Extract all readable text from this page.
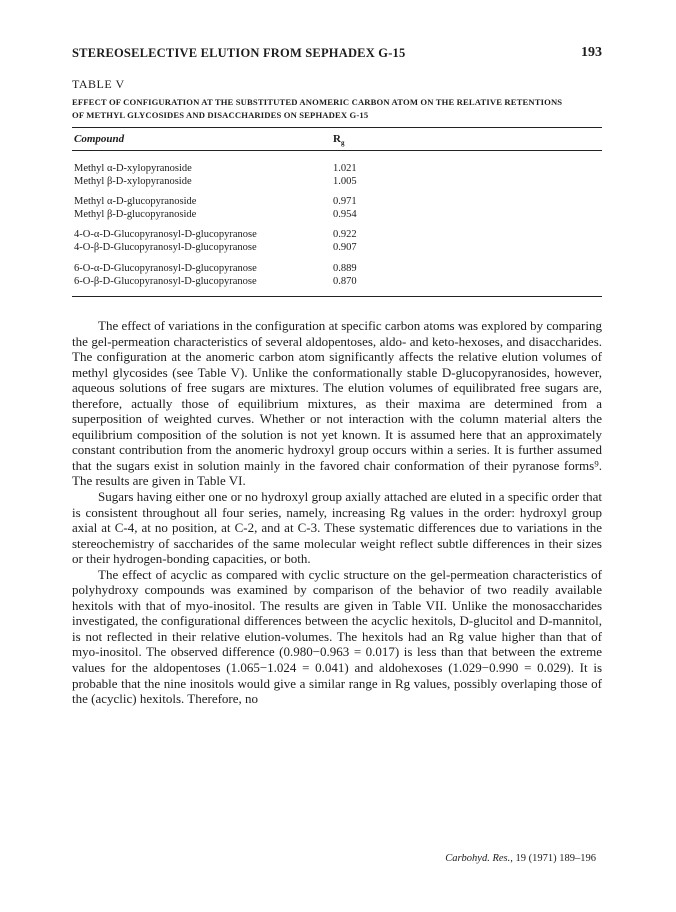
STEREOSELECTIVE ELUTION FROM SEPHADEX G-15	193
TABLE V
EFFECT OF CONFIGURATION AT THE SUBSTITUTED ANOMERIC CARBON ATOM ON THE RELATIVE RETENTIONS
OF METHYL GLYCOSIDES AND DISACCHARIDES ON SEPHADEX G-15
Compound	$R_g$
Methyl α-D-xylopyranoside	1.021
Methyl β-D-xylopyranoside	1.005
Methyl α-D-glucopyranoside	0.971
Methyl β-D-glucopyranoside	0.954
4-O-α-D-Glucopyranosyl-D-glucopyranose	0.922
4-O-β-D-Glucopyranosyl-D-glucopyranose	0.907
6-O-α-D-Glucopyranosyl-D-glucopyranose	0.889
6-O-β-D-Glucopyranosyl-D-glucopyranose	0.870

The effect of variations in the configuration at specific carbon atoms was explored by comparing the gel-permeation characteristics of several aldopentoses, aldo- and keto-hexoses, and disaccharides. The configuration at the anomeric carbon atom significantly affects the relative elution volumes of methyl glycosides (see Table V). Unlike the conformationally stable D-glucopyranosides, however, aqueous solutions of free sugars are mixtures. The elution volumes of equilibrated free sugars are, therefore, actually those of equilibrium mixtures, as their maxima are determined from a superposition of weighted curves. Whether or not interaction with the column material alters the equilibrium composition of the solution is not yet known. It is assumed here that an approximately constant contribution from the anomeric hydroxyl group occurs within a series. It is further assumed that the sugars exist in solution mainly in the favored chair conformation of their pyranose forms⁹. The results are given in Table VI.

Sugars having either one or no hydroxyl group axially attached are eluted in a specific order that is consistent throughout all four series, namely, increasing Rg values in the order: hydroxyl group axial at C-4, at no position, at C-2, and at C-3. These systematic differences due to variations in the stereochemistry of saccharides of the same molecular weight reflect subtle differences in their sizes or their hydrogen-bonding capacities, or both.

The effect of acyclic as compared with cyclic structure on the gel-permeation characteristics of polyhydroxy compounds was examined by comparison of the behavior of two readily available hexitols with that of myo-inositol. The results are given in Table VII. Unlike the monosaccharides investigated, the configurational differences between the acyclic hexitols, D-glucitol and D-mannitol, is not reflected in their relative elution-volumes. The hexitols had an Rg value higher than that of myo-inositol. The observed difference (0.980−0.963 = 0.017) is less than that between the extreme values for the aldopentoses (1.065−1.024 = 0.041) and aldohexoses (1.029−0.990 = 0.029). It is probable that the nine inositols would give a similar range in Rg values, possibly overlaping those of the (acyclic) hexitols. Therefore, no

Carbohyd. Res., 19 (1971) 189–196
